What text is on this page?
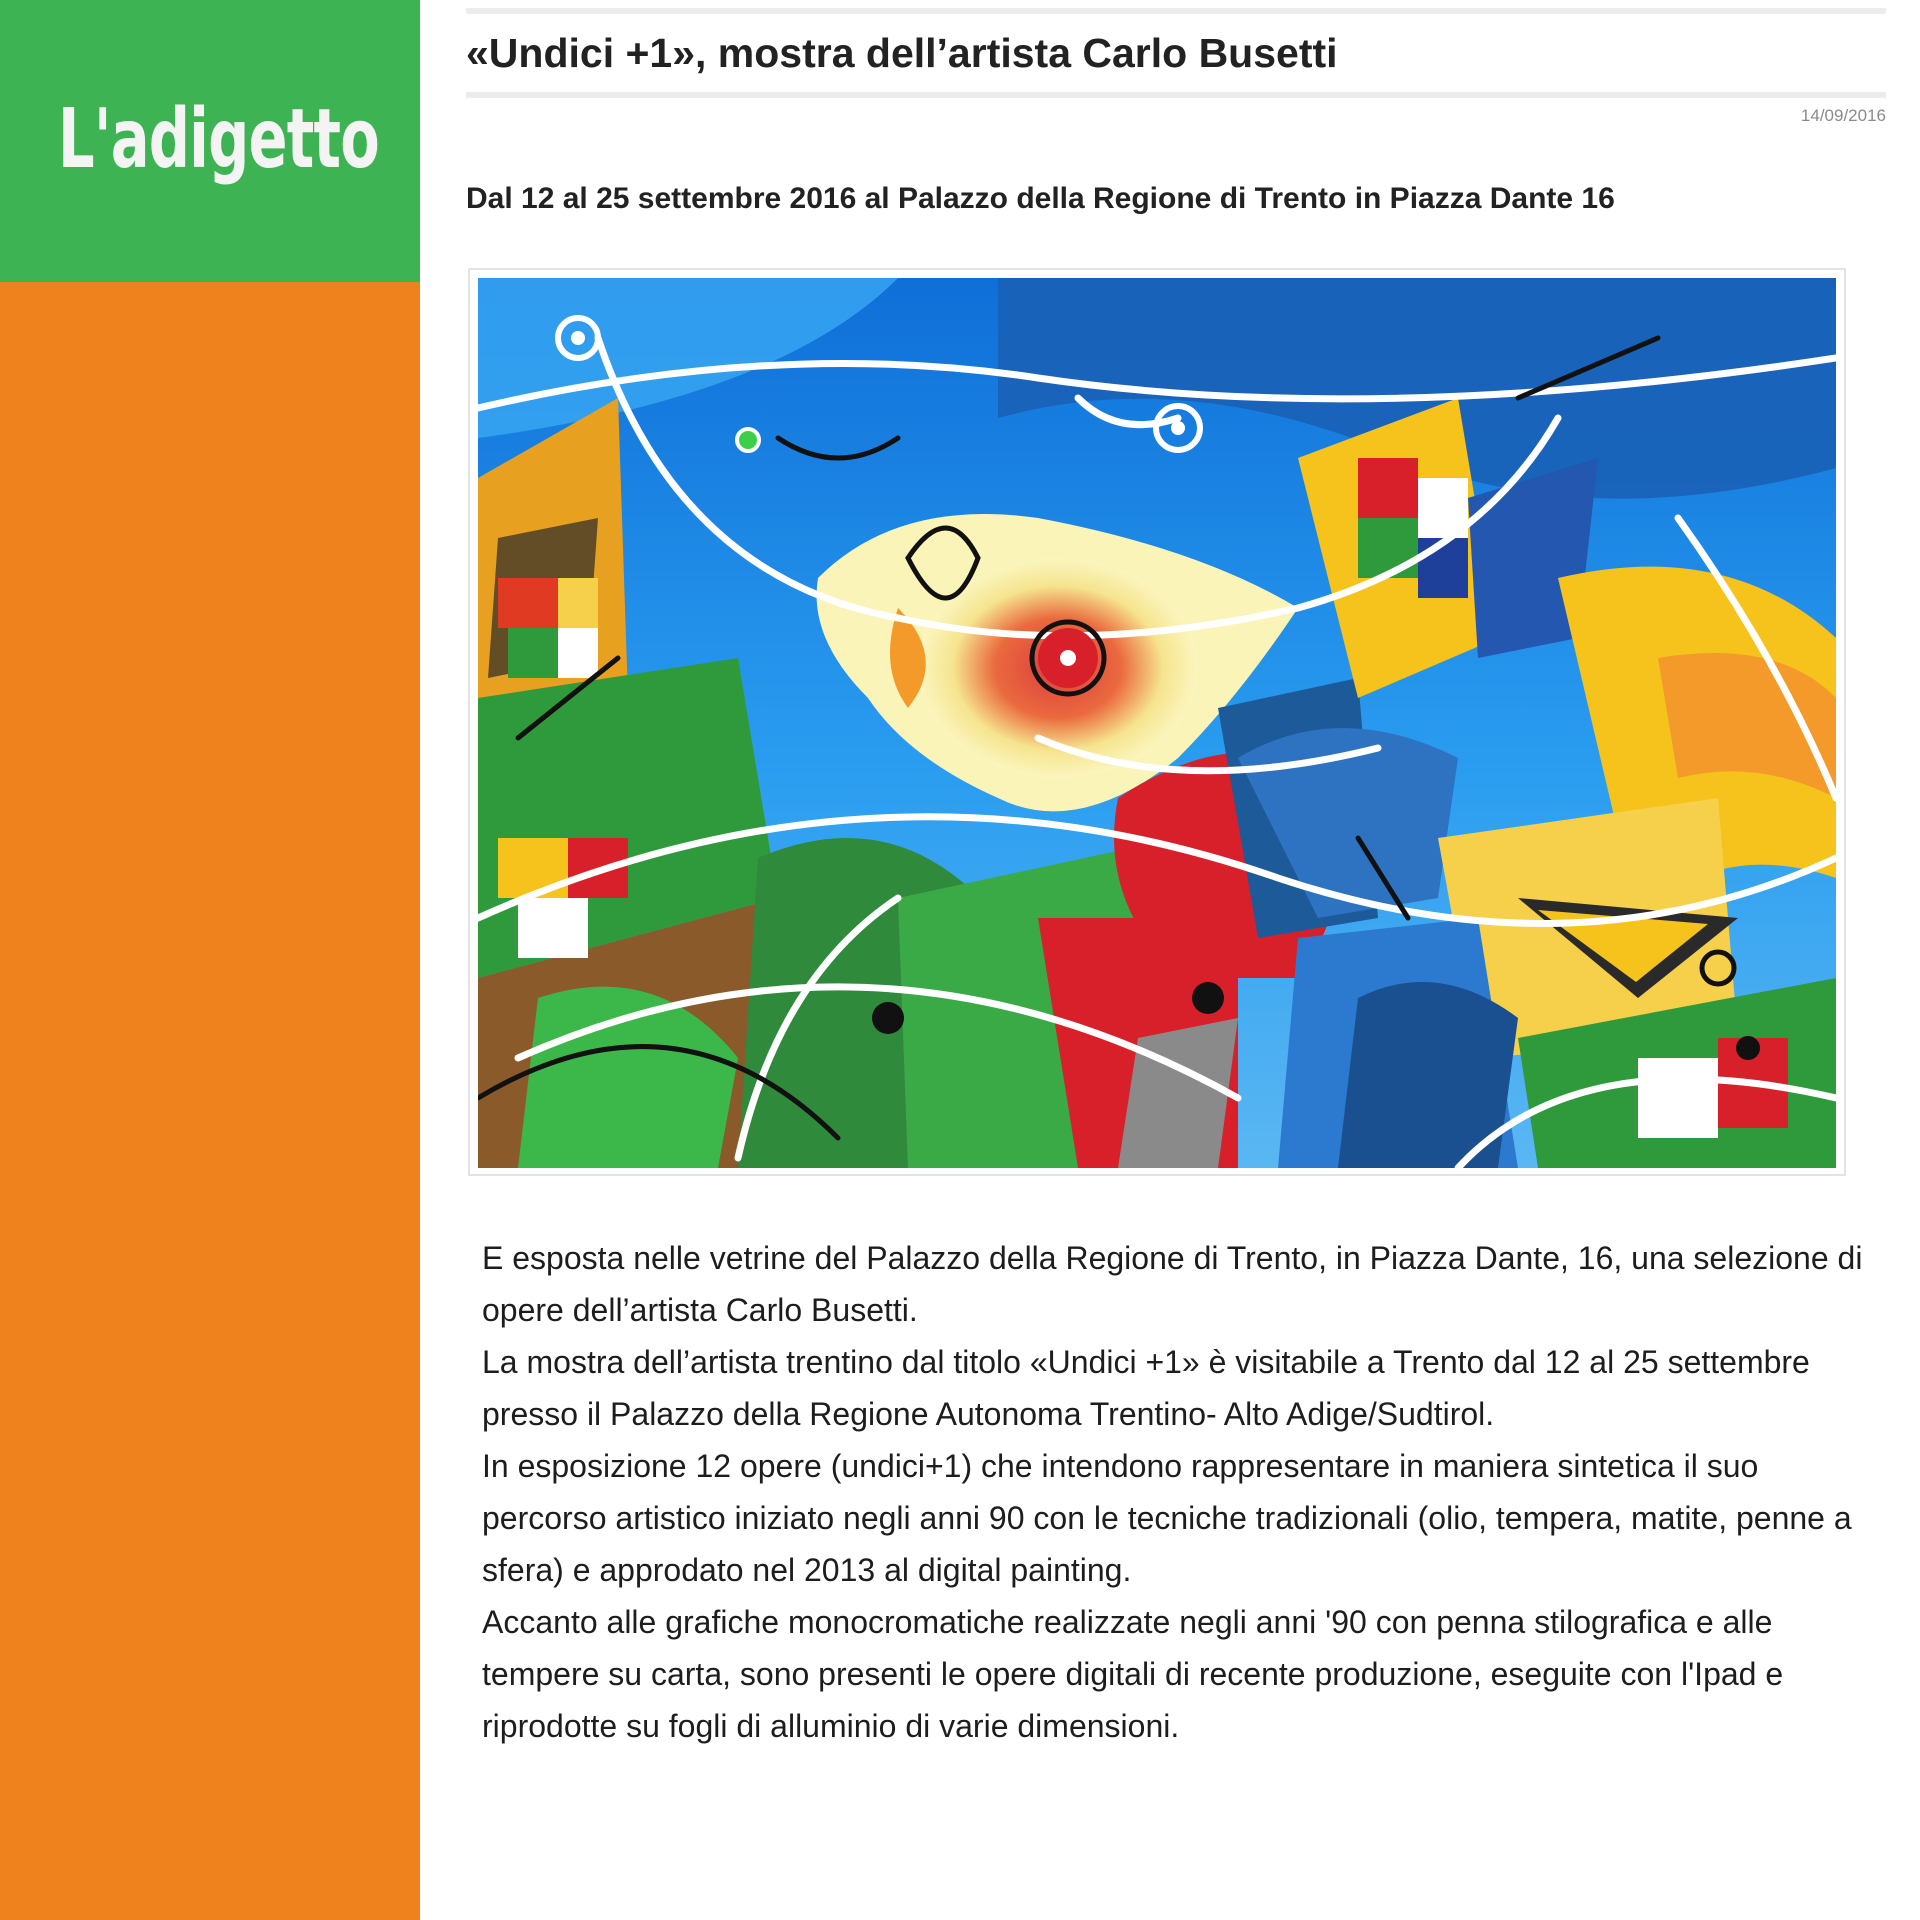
L'adigetto
«Undici +1», mostra dell’artista Carlo Busetti
14/09/2016
Dal 12 al 25 settembre 2016 al Palazzo della Regione di Trento in Piazza Dante 16

E esposta nelle vetrine del Palazzo della Regione di Trento, in Piazza Dante, 16, una selezione di opere dell’artista Carlo Busetti.

La mostra dell’artista trentino dal titolo «Undici +1» è visitabile a Trento dal 12 al 25 settembre presso il Palazzo della Regione Autonoma Trentino- Alto Adige/Sudtirol.

In esposizione 12 opere (undici+1) che intendono rappresentare in maniera sintetica il suo percorso artistico iniziato negli anni 90 con le tecniche tradizionali (olio, tempera, matite, penne a sfera) e approdato nel 2013 al digital painting.

Accanto alle grafiche monocromatiche realizzate negli anni '90 con penna stilografica e alle tempere su carta, sono presenti le opere digitali di recente produzione, eseguite con l'Ipad e riprodotte su fogli di alluminio di varie dimensioni.
